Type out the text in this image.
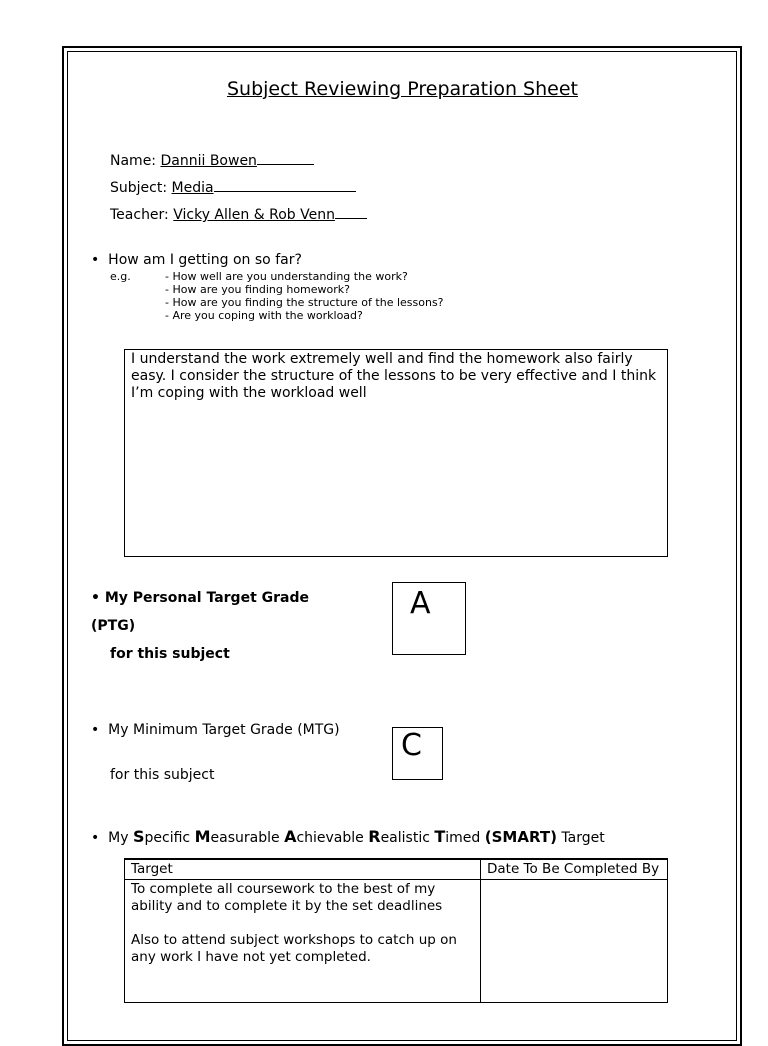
Subject Reviewing Preparation Sheet
Name: Dannii Bowen
Subject: Media
Teacher: Vicky Allen & Rob Venn
• How am I getting on so far?
e.g.	- How well are you understanding the work?
- How are you finding homework?
- How are you finding the structure of the lessons?
- Are you coping with the workload?
I understand the work extremely well and find the homework also fairly easy. I consider the structure of the lessons to be very effective and I think I’m coping with the workload well
• My Personal Target Grade
(PTG)
for this subject
A
• My Minimum Target Grade (MTG)
for this subject
C
• My Specific Measurable Achievable Realistic Timed (SMART) Target
Target	Date To Be Completed By

To complete all coursework to the best of my ability and to complete it by the set deadlines
Also to attend subject workshops to catch up on any work I have not yet completed.	
